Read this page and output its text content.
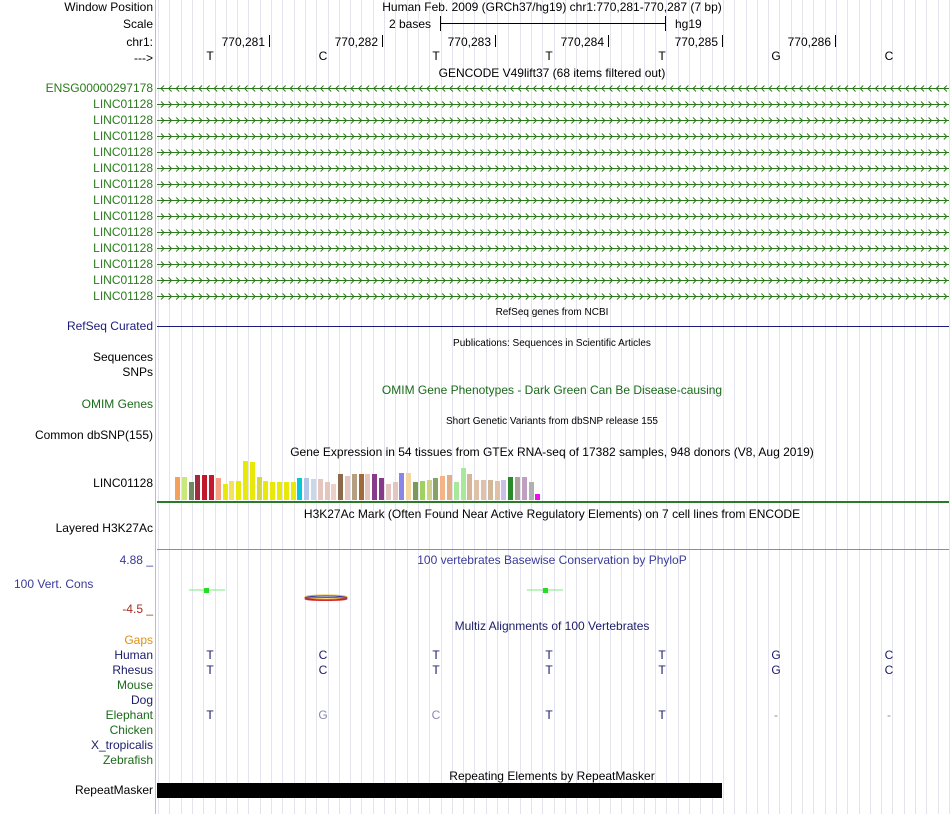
Window Position
Scale
chr1:
--->
Human Feb. 2009 (GRCh37/hg19) chr1:770,281-770,287 (7 bp)
2 bases	hg19
770,281	770,282	770,283	770,284	770,285	770,286
T	C	T	T	T	G	C
GENCODE V49lift37 (68 items filtered out)
ENSG00000297178
LINC01128
LINC01128
LINC01128
LINC01128
LINC01128
LINC01128
LINC01128
LINC01128
LINC01128
LINC01128
LINC01128
LINC01128
LINC01128
RefSeq genes from NCBI
RefSeq Curated
Publications: Sequences in Scientific Articles
Sequences
SNPs
OMIM Gene Phenotypes - Dark Green Can Be Disease-causing
OMIM Genes
Short Genetic Variants from dbSNP release 155
Common dbSNP(155)
Gene Expression in 54 tissues from GTEx RNA-seq of 17382 samples, 948 donors (V8, Aug 2019)
LINC01128
H3K27Ac Mark (Often Found Near Active Regulatory Elements) on 7 cell lines from ENCODE
Layered H3K27Ac
100 vertebrates Basewise Conservation by PhyloP
4.88 _
100 Vert. Cons
-4.5 _
Multiz Alignments of 100 Vertebrates
Gaps
Human	T	C	T	T	T	G	C
Rhesus	T	C	T	T	T	G	C
Mouse
Dog
Elephant	T	G	C	T	T	-	-
Chicken
X_tropicalis
Zebrafish
Repeating Elements by RepeatMasker
RepeatMasker
